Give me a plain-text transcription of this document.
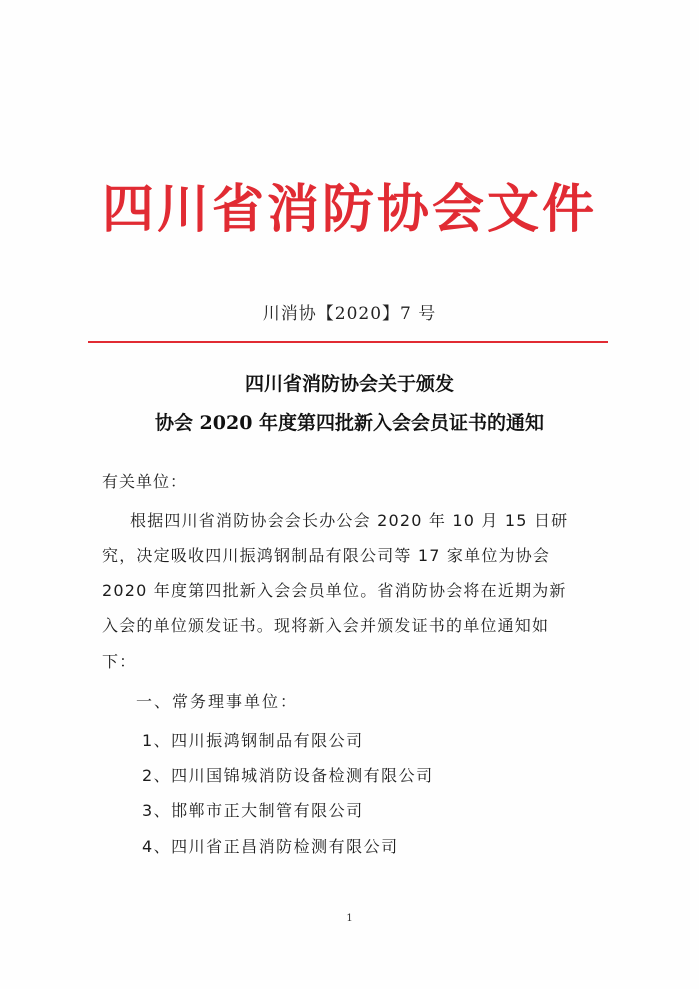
四川省消防协会文件
川消协【2020】7 号
四川省消防协会关于颁发
协会 2020 年度第四批新入会会员证书的通知
有关单位：
根据四川省消防协会会长办公会 2020 年 10 月 15 日研
究，决定吸收四川振鸿钢制品有限公司等 17 家单位为协会
2020 年度第四批新入会会员单位。省消防协会将在近期为新
入会的单位颁发证书。现将新入会并颁发证书的单位通知如
下：
一、常务理事单位：
1、四川振鸿钢制品有限公司
2、四川国锦城消防设备检测有限公司
3、邯郸市正大制管有限公司
4、四川省正昌消防检测有限公司
1
